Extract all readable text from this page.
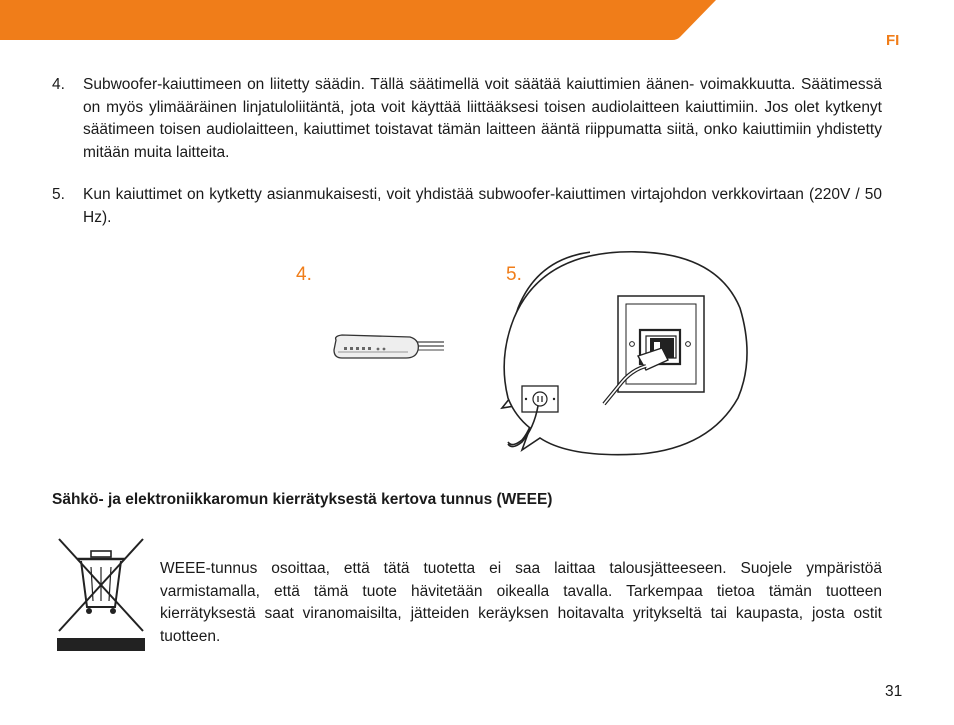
FI
4. Subwoofer-kaiuttimeen on liitetty säädin. Tällä säätimellä voit säätää kaiuttimien äänen- voimakkuutta. Säätimessä on myös ylimääräinen linjatuloliitäntä, jota voit käyttää liittääksesi toisen audiolaitteen kaiuttimiin. Jos olet kytkenyt säätimeen toisen audiolaitteen, kaiuttimet toistavat tämän laitteen ääntä riippumatta siitä, onko kaiuttimiin yhdistetty mitään muita laitteita.
5. Kun kaiuttimet on kytketty asianmukaisesti, voit yhdistää subwoofer-kaiuttimen virtajohdon verkkovirtaan (220V / 50 Hz).
4.	5.
Sähkö- ja elektroniikkaromun kierrätyksestä kertova tunnus (WEEE)
WEEE-tunnus osoittaa, että tätä tuotetta ei saa laittaa talousjätteeseen. Suojele ympäristöä varmistamalla, että tämä tuote hävitetään oikealla tavalla. Tarkempaa tietoa tämän tuotteen kierrätyksestä saat viranomaisilta, jätteiden keräyksen hoitavalta yritykseltä tai kaupasta, josta ostit tuotteen.
31
